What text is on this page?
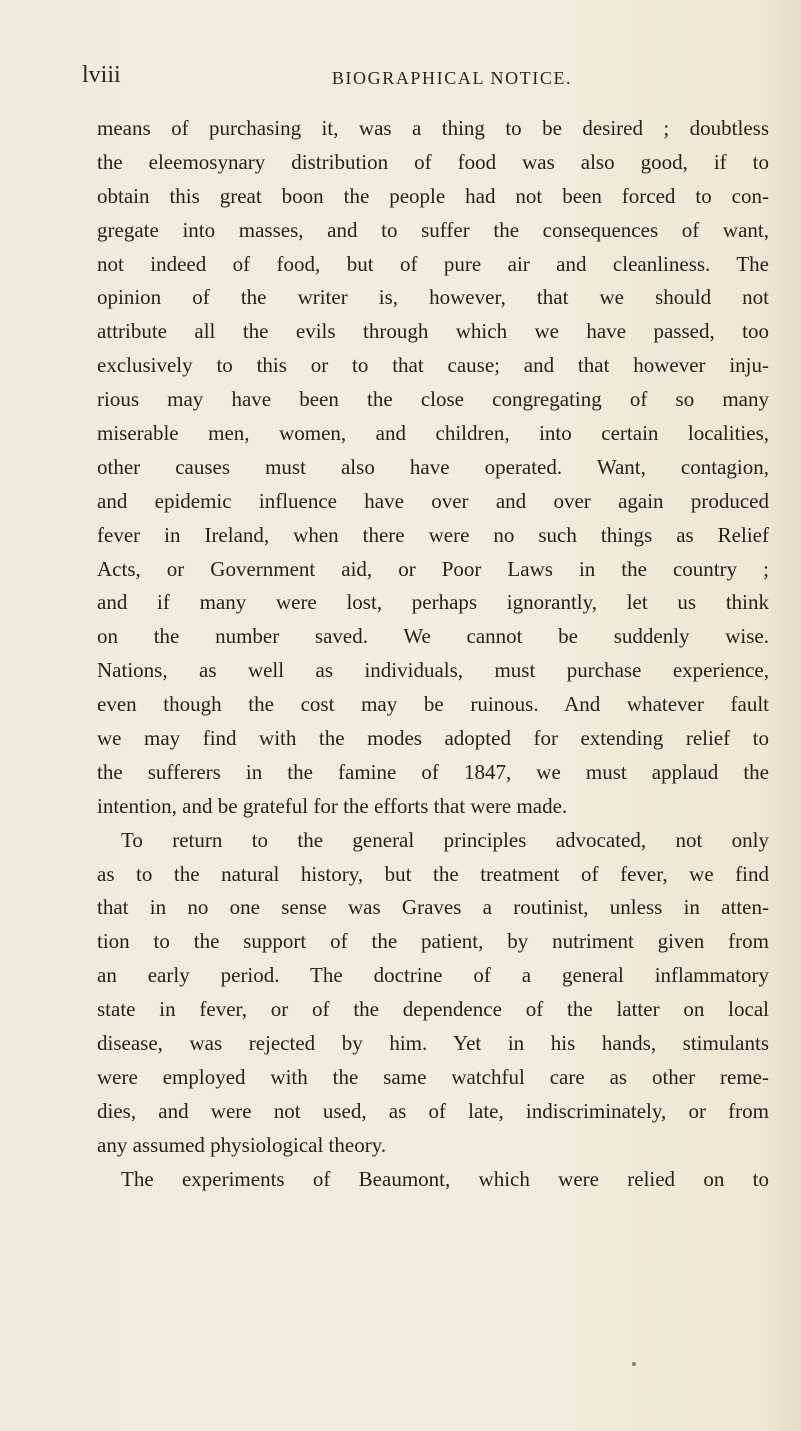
lviii	BIOGRAPHICAL NOTICE.
means of purchasing it, was a thing to be desired ; doubtless
the eleemosynary distribution of food was also good, if to
obtain this great boon the people had not been forced to con-
gregate into masses, and to suffer the consequences of want,
not indeed of food, but of pure air and cleanliness. The
opinion of the writer is, however, that we should not
attribute all the evils through which we have passed, too
exclusively to this or to that cause; and that however inju-
rious may have been the close congregating of so many
miserable men, women, and children, into certain localities,
other causes must also have operated. Want, contagion,
and epidemic influence have over and over again produced
fever in Ireland, when there were no such things as Relief
Acts, or Government aid, or Poor Laws in the country ;
and if many were lost, perhaps ignorantly, let us think
on the number saved. We cannot be suddenly wise.
Nations, as well as individuals, must purchase experience,
even though the cost may be ruinous. And whatever fault
we may find with the modes adopted for extending relief to
the sufferers in the famine of 1847, we must applaud the
intention, and be grateful for the efforts that were made.
To return to the general principles advocated, not only
as to the natural history, but the treatment of fever, we find
that in no one sense was Graves a routinist, unless in atten-
tion to the support of the patient, by nutriment given from
an early period. The doctrine of a general inflammatory
state in fever, or of the dependence of the latter on local
disease, was rejected by him. Yet in his hands, stimulants
were employed with the same watchful care as other reme-
dies, and were not used, as of late, indiscriminately, or from
any assumed physiological theory.
The experiments of Beaumont, which were relied on to
